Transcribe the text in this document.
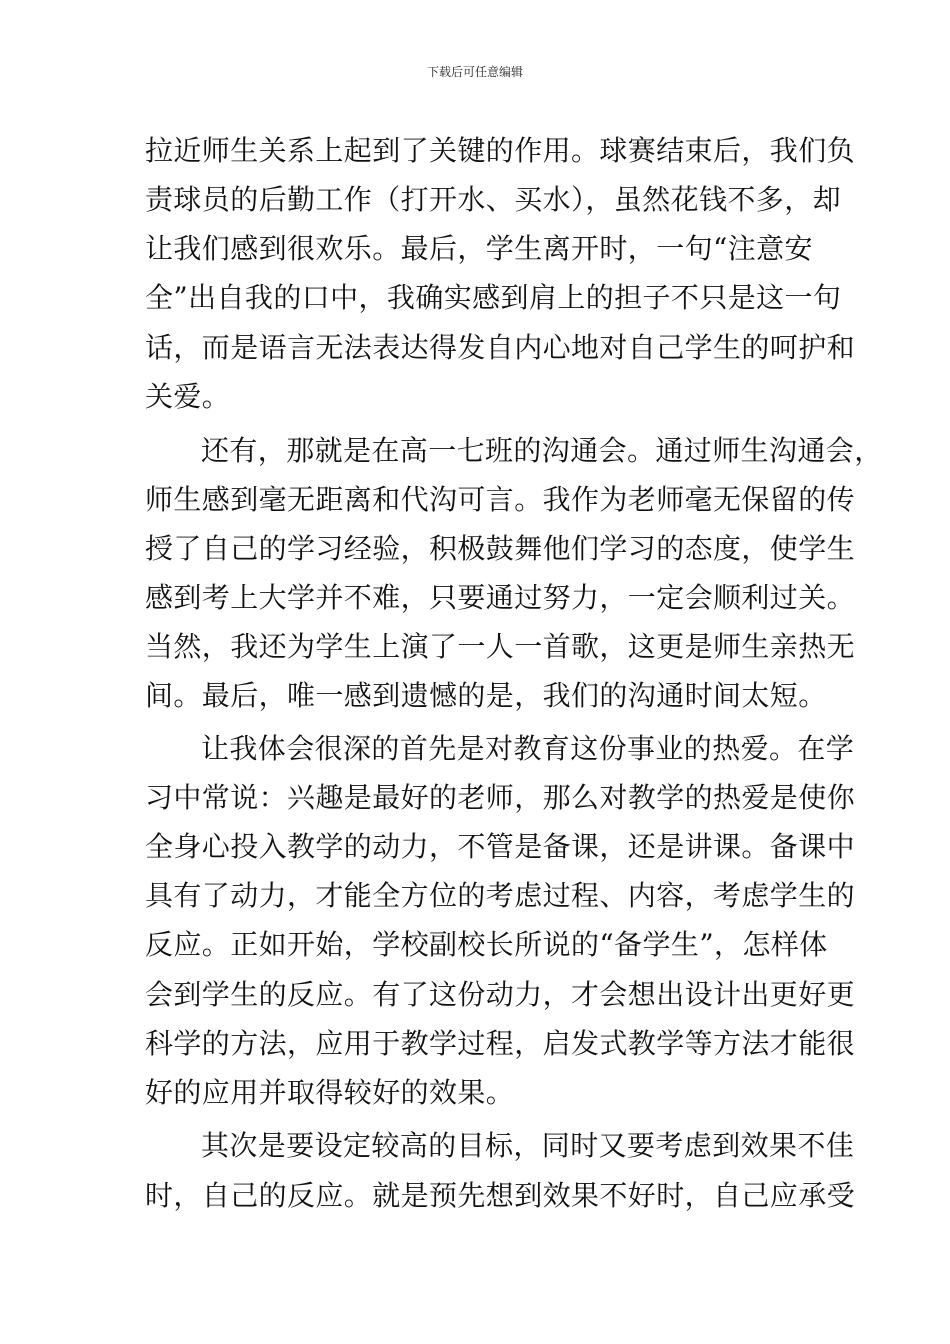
下载后可任意编辑
拉近师生关系上起到了关键的作用。球赛结束后，我们负
责球员的后勤工作（打开水、买水），虽然花钱不多，却
让我们感到很欢乐。最后，学生离开时，一句“注意安
全”出自我的口中，我确实感到肩上的担子不只是这一句
话，而是语言无法表达得发自内心地对自己学生的呵护和
关爱。
还有，那就是在高一七班的沟通会。通过师生沟通会，
师生感到毫无距离和代沟可言。我作为老师毫无保留的传
授了自己的学习经验，积极鼓舞他们学习的态度，使学生
感到考上大学并不难，只要通过努力，一定会顺利过关。
当然，我还为学生上演了一人一首歌，这更是师生亲热无
间。最后，唯一感到遗憾的是，我们的沟通时间太短。
让我体会很深的首先是对教育这份事业的热爱。在学
习中常说：兴趣是最好的老师，那么对教学的热爱是使你
全身心投入教学的动力，不管是备课，还是讲课。备课中
具有了动力，才能全方位的考虑过程、内容，考虑学生的
反应。正如开始，学校副校长所说的“备学生”，怎样体
会到学生的反应。有了这份动力，才会想出设计出更好更
科学的方法，应用于教学过程，启发式教学等方法才能很
好的应用并取得较好的效果。
其次是要设定较高的目标，同时又要考虑到效果不佳
时，自己的反应。就是预先想到效果不好时，自己应承受
